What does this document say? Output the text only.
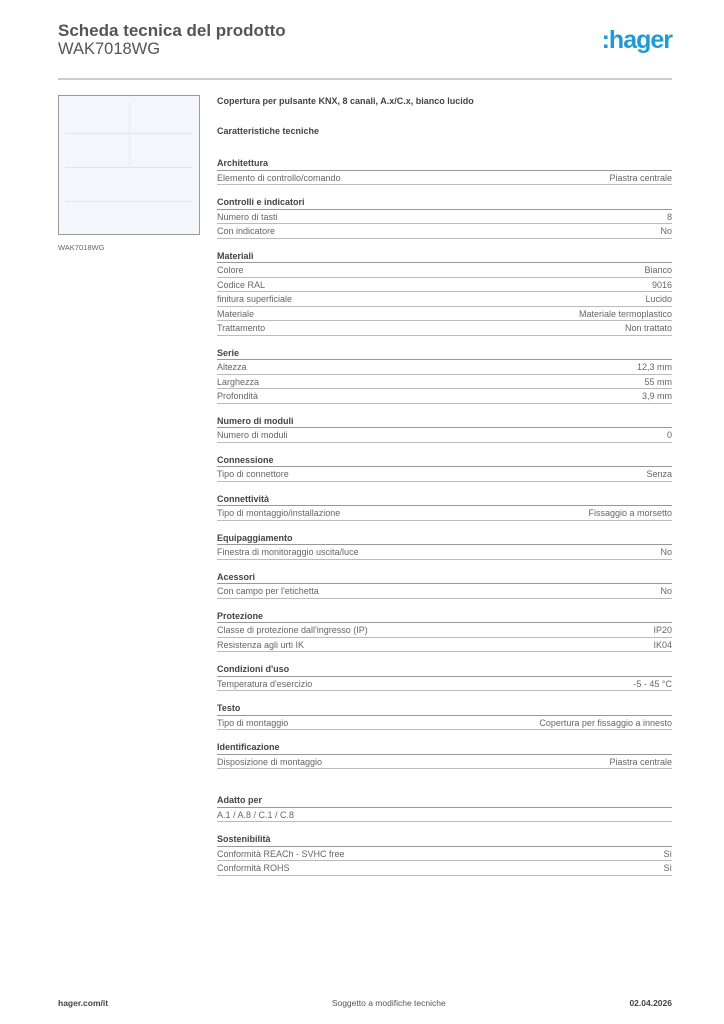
Scheda tecnica del prodotto
WAK7018WG	:hager
WAK7018WG
Copertura per pulsante KNX, 8 canali, A.x/C.x, bianco lucido
Caratteristiche tecniche
Architettura
Elemento di controllo/comando	Piastra centrale
Controlli e indicatori
Numero di tasti	8
Con indicatore	No
Materiali
Colore	Bianco
Codice RAL	9016
finitura superficiale	Lucido
Materiale	Materiale termoplastico
Trattamento	Non trattato
Serie
Altezza	12,3 mm
Larghezza	55 mm
Profondità	3,9 mm
Numero di moduli
Numero di moduli	0
Connessione
Tipo di connettore	Senza
Connettività
Tipo di montaggio/installazione	Fissaggio a morsetto
Equipaggiamento
Finestra di monitoraggio uscita/luce	No
Acessori
Con campo per l'etichetta	No
Protezione
Classe di protezione dall'ingresso (IP)	IP20
Resistenza agli urti IK	IK04
Condizioni d'uso
Temperatura d'esercizio	-5 - 45 °C
Testo
Tipo di montaggio	Copertura per fissaggio a innesto
Identificazione
Disposizione di montaggio	Piastra centrale
Adatto per
A.1 / A.8 / C.1 / C.8
Sostenibilità
Conformità REACh - SVHC free	Sì
Conformità ROHS	Sì
hager.com/it	Soggetto a modifiche tecniche	02.04.2026
